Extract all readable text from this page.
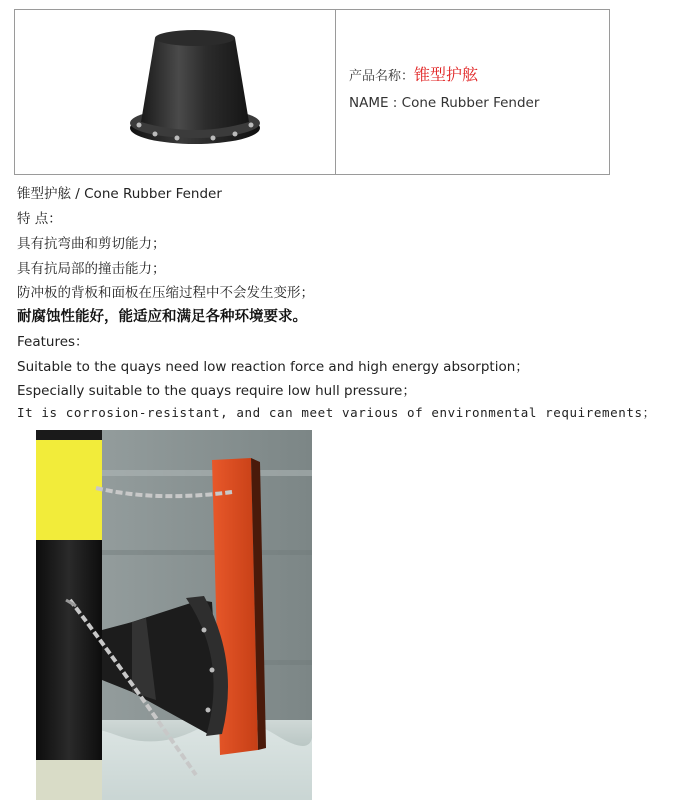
产品名称：锥型护舷
NAME : Cone Rubber Fender
锥型护舷 / Cone Rubber Fender
特 点：
具有抗弯曲和剪切能力；
具有抗局部的撞击能力；
防冲板的背板和面板在压缩过程中不会发生变形；
耐腐蚀性能好，能适应和满足各种环境要求。
Features：
Suitable to the quays need low reaction force and high energy absorption；
Especially suitable to the quays require low hull pressure；
It is corrosion-resistant, and can meet various of environmental requirements；
